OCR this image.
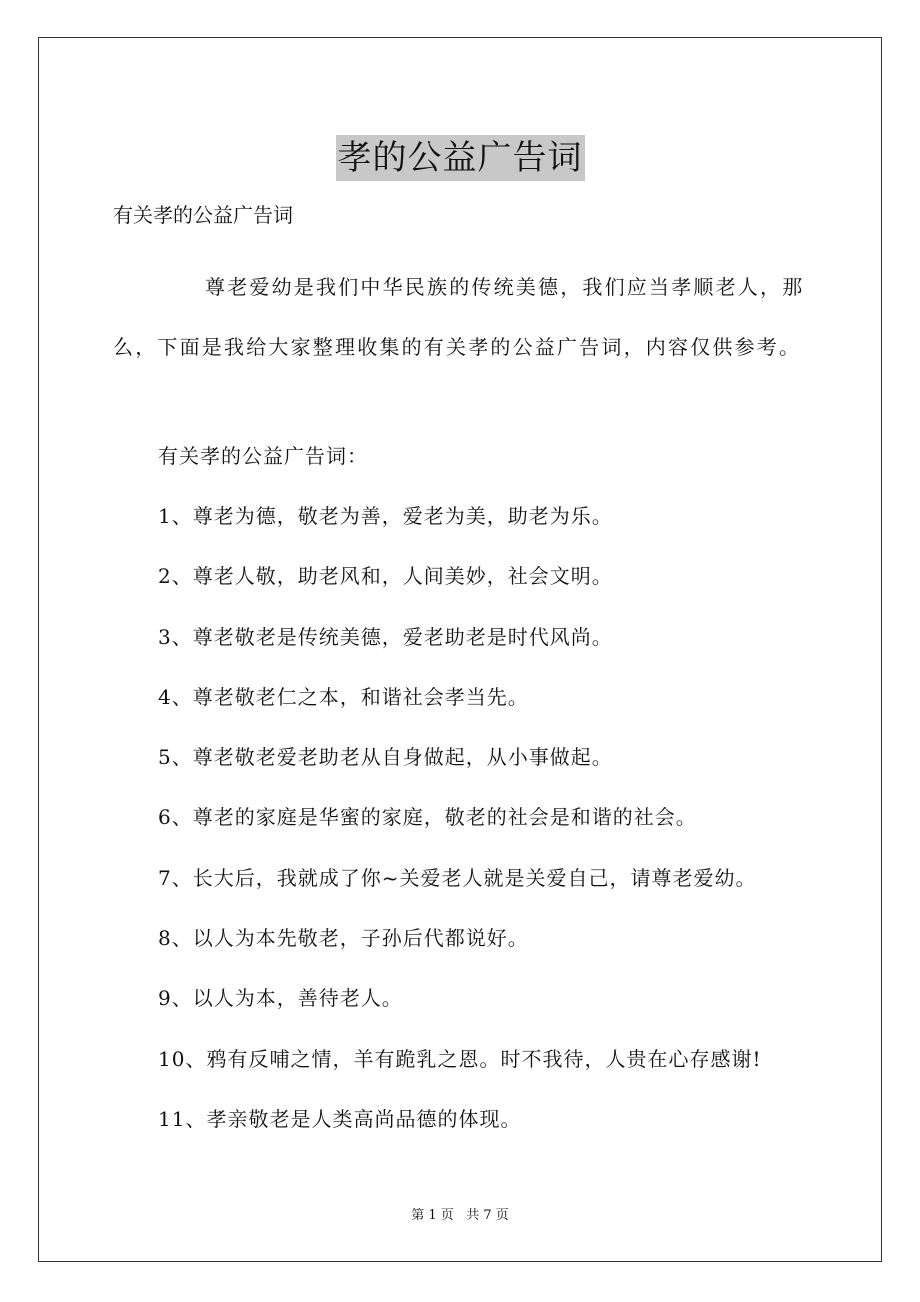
孝的公益广告词
有关孝的公益广告词

尊老爱幼是我们中华民族的传统美德，我们应当孝顺老人，那么，下面是我给大家整理收集的有关孝的公益广告词，内容仅供参考。

有关孝的公益广告词：
1、尊老为德，敬老为善，爱老为美，助老为乐。
2、尊老人敬，助老风和，人间美妙，社会文明。
3、尊老敬老是传统美德，爱老助老是时代风尚。
4、尊老敬老仁之本，和谐社会孝当先。
5、尊老敬老爱老助老从自身做起，从小事做起。
6、尊老的家庭是华蜜的家庭，敬老的社会是和谐的社会。
7、长大后，我就成了你~关爱老人就是关爱自己，请尊老爱幼。
8、以人为本先敬老，子孙后代都说好。
9、以人为本，善待老人。
10、鸦有反哺之情，羊有跪乳之恩。时不我待，人贵在心存感谢!
11、孝亲敬老是人类高尚品德的体现。
第 1 页 共 7 页
